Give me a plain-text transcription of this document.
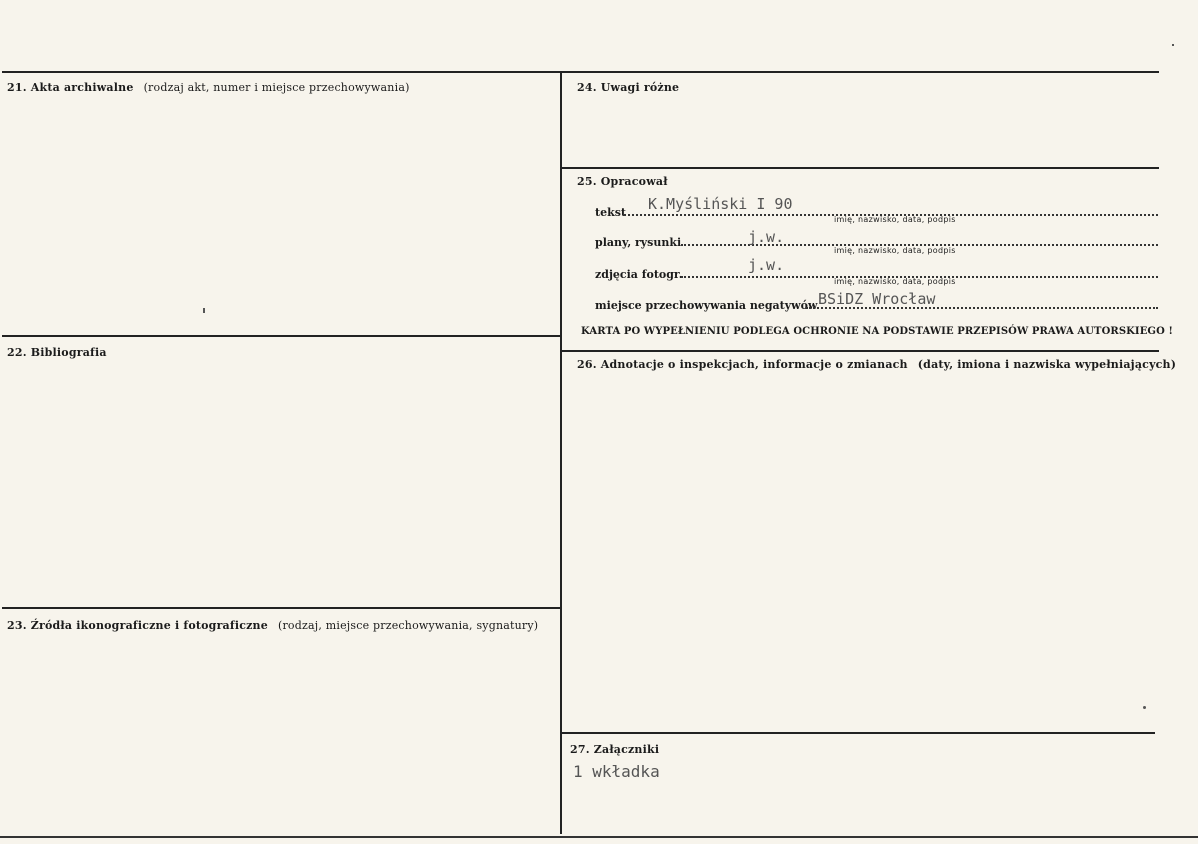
21. Akta archiwalne (rodzaj akt, numer i miejsce przechowywania)
22. Bibliografia
23. Źródła ikonograficzne i fotograficzne (rodzaj, miejsce przechowywania, sygnatury)
24. Uwagi różne
25. Opracował
tekst K.Myśliński I 90
imię, nazwisko, data, podpis
plany, rysunki	j.w.
imię, nazwisko, data, podpis
zdjęcia fotogr.
j.w.
imię, nazwisko, data, podpis
miejsce przechowywania negatywów BSiDZ Wrocław
KARTA PO WYPEŁNIENIU PODLEGA OCHRONIE NA PODSTAWIE PRZEPISÓW PRAWA AUTORSKIEGO !
26. Adnotacje o inspekcjach, informacje o zmianach (daty, imiona i nazwiska wypełniających)
27. Załączniki
1 wkładka
